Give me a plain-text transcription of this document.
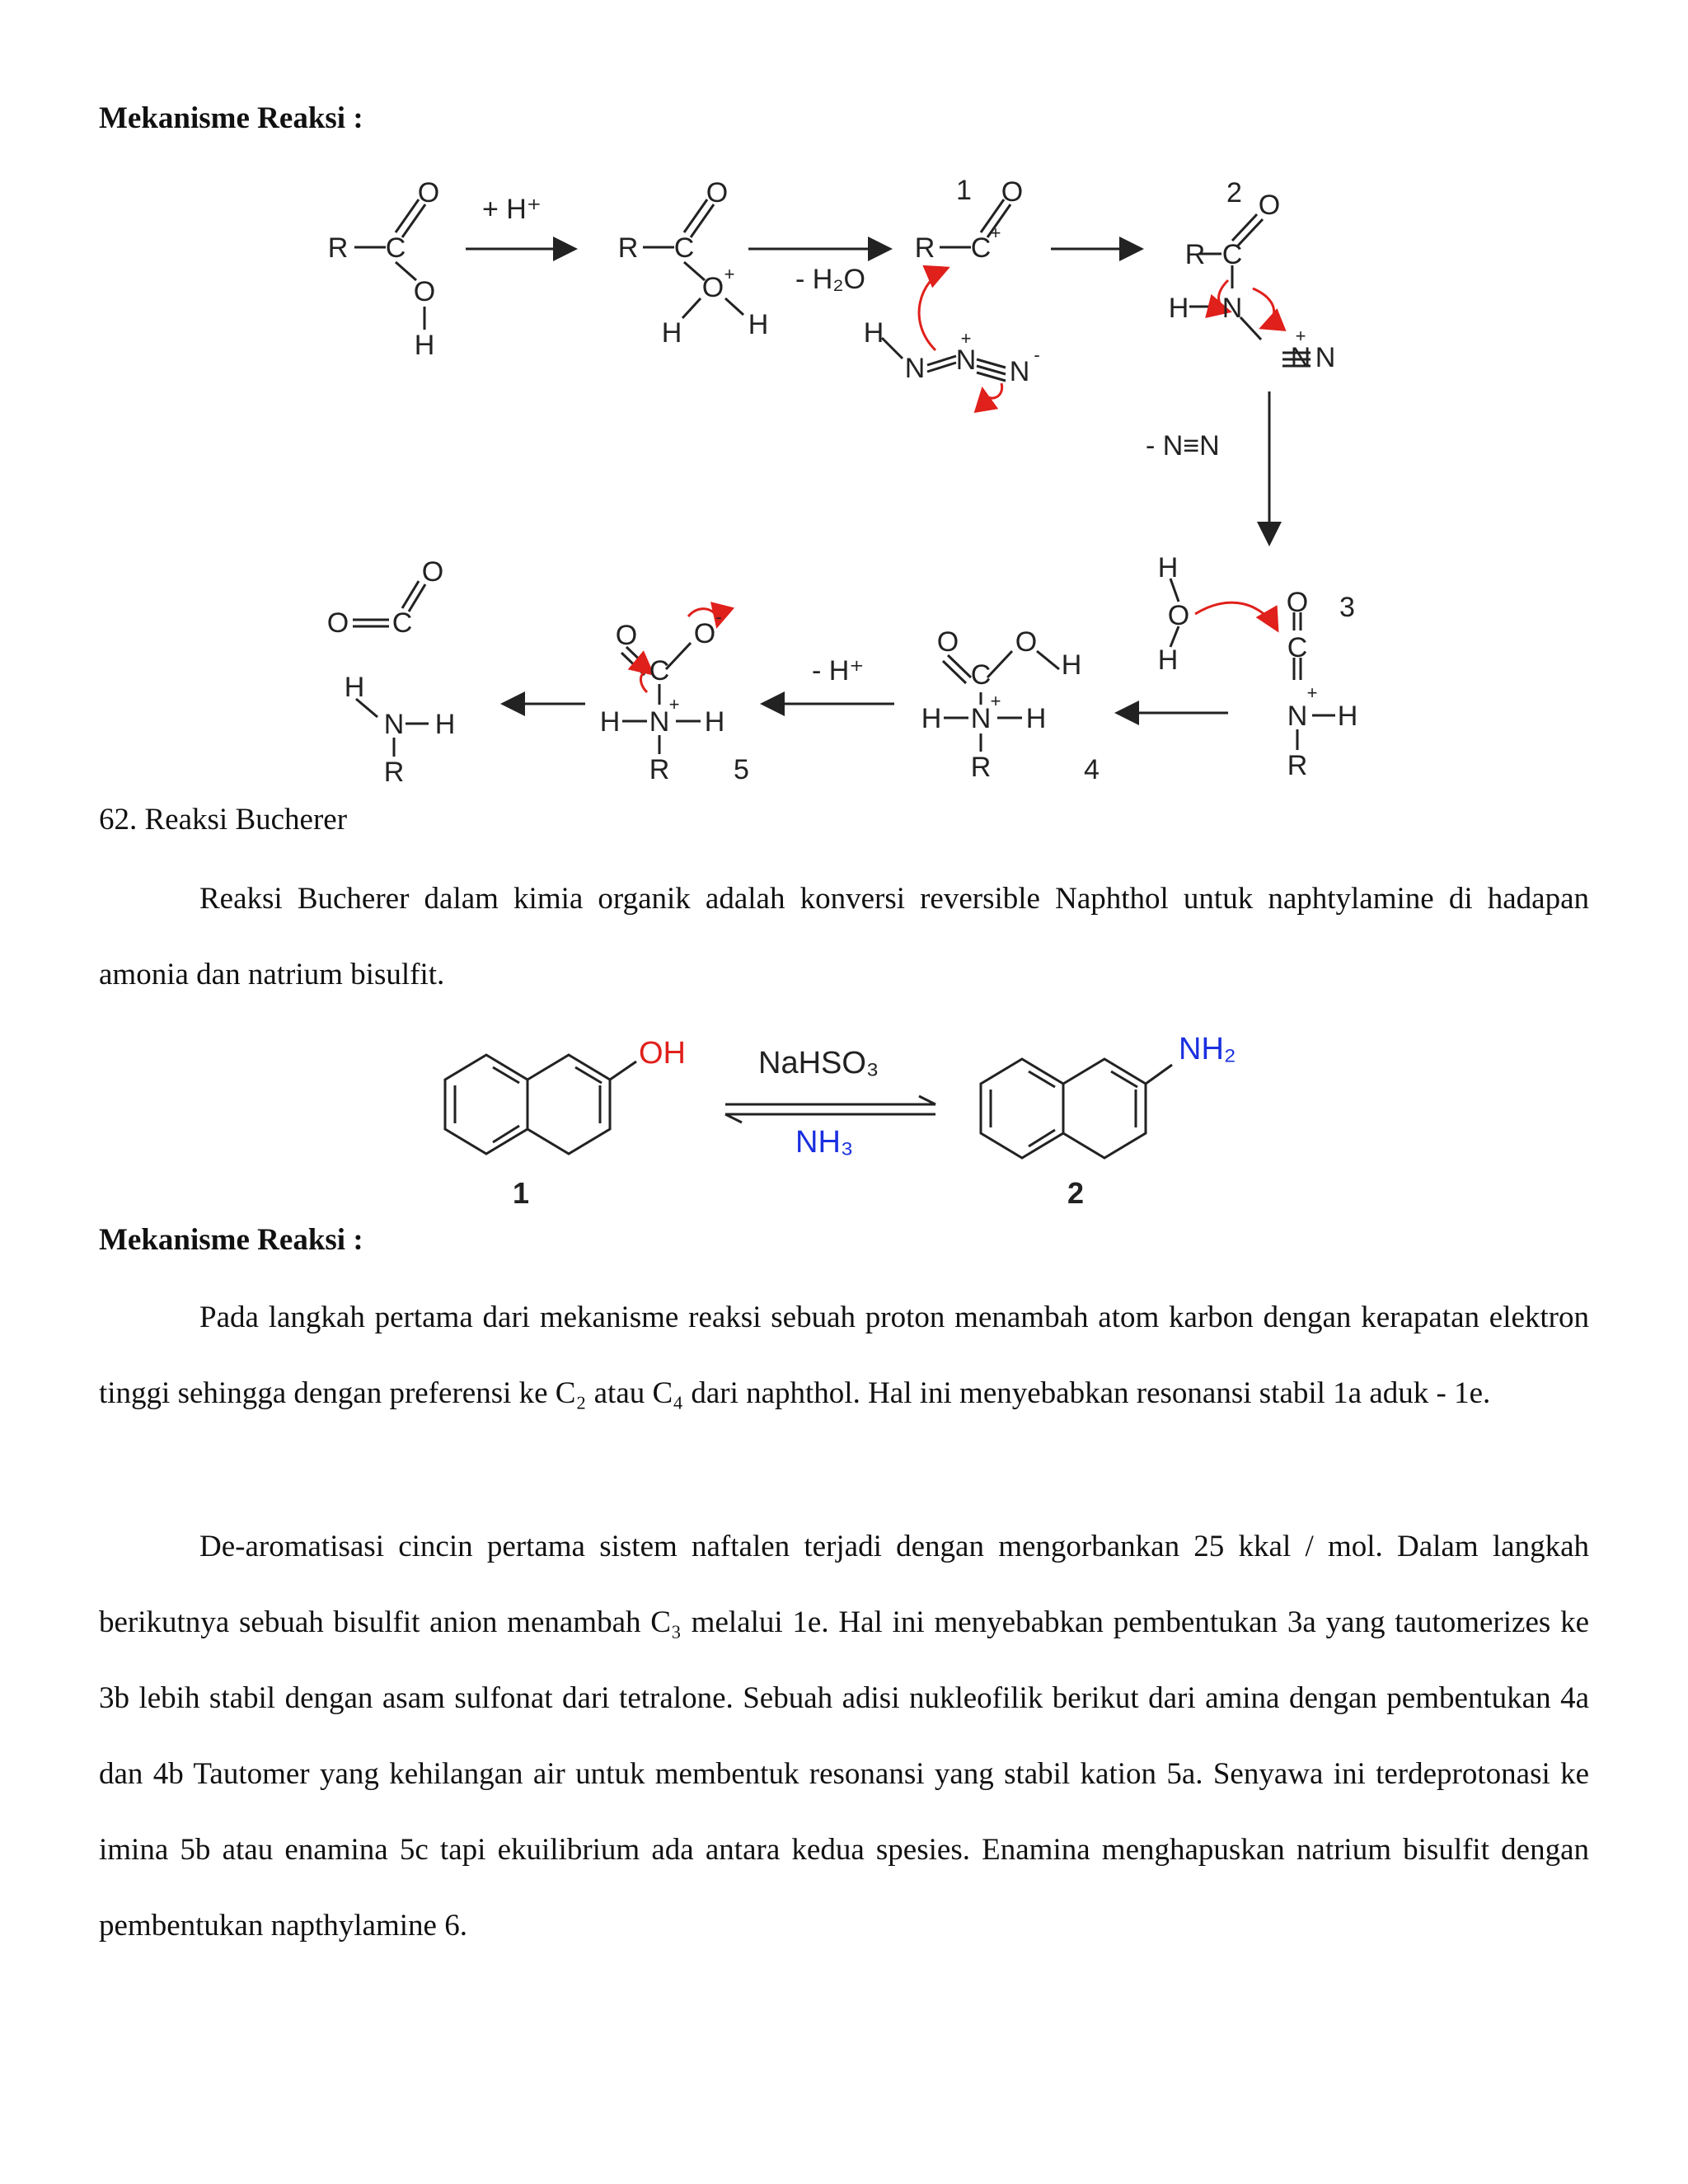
Mekanisme Reaksi :
R C
O
O
H
R C
O
O
H H
+
R C
O
+
H
N N N
+
-
R C
O
H N
N N
+
O
C
N H
R
+
H
O
H
O
C
O
H
H N H
R
+
O
C
O
-
H N H
R
+
O C
O
H
N H
R
+ H⁺
- H₂O
- N≡N
- H⁺
1	2
3
4
5
62. Reaksi Bucherer

Reaksi Bucherer dalam kimia organik adalah konversi reversible Naphthol untuk naphtylamine di hadapan amonia dan natrium bisulfit.

OH	NH₂
NaHSO₃
NH₃
1	2
Mekanisme Reaksi :

Pada langkah pertama dari mekanisme reaksi sebuah proton menambah atom karbon dengan kerapatan elektron tinggi sehingga dengan preferensi ke C₂ atau C₄ dari naphthol. Hal ini menyebabkan resonansi stabil 1a aduk - 1e.

De-aromatisasi cincin pertama sistem naftalen terjadi dengan mengorbankan 25 kkal / mol. Dalam langkah berikutnya sebuah bisulfit anion menambah C₃ melalui 1e. Hal ini menyebabkan pembentukan 3a yang tautomerizes ke 3b lebih stabil dengan asam sulfonat dari tetralone. Sebuah adisi nukleofilik berikut dari amina dengan pembentukan 4a dan 4b Tautomer yang kehilangan air untuk membentuk resonansi yang stabil kation 5a. Senyawa ini terdeprotonasi ke imina 5b atau enamina 5c tapi ekuilibrium ada antara kedua spesies. Enamina menghapuskan natrium bisulfit dengan pembentukan napthylamine 6.
